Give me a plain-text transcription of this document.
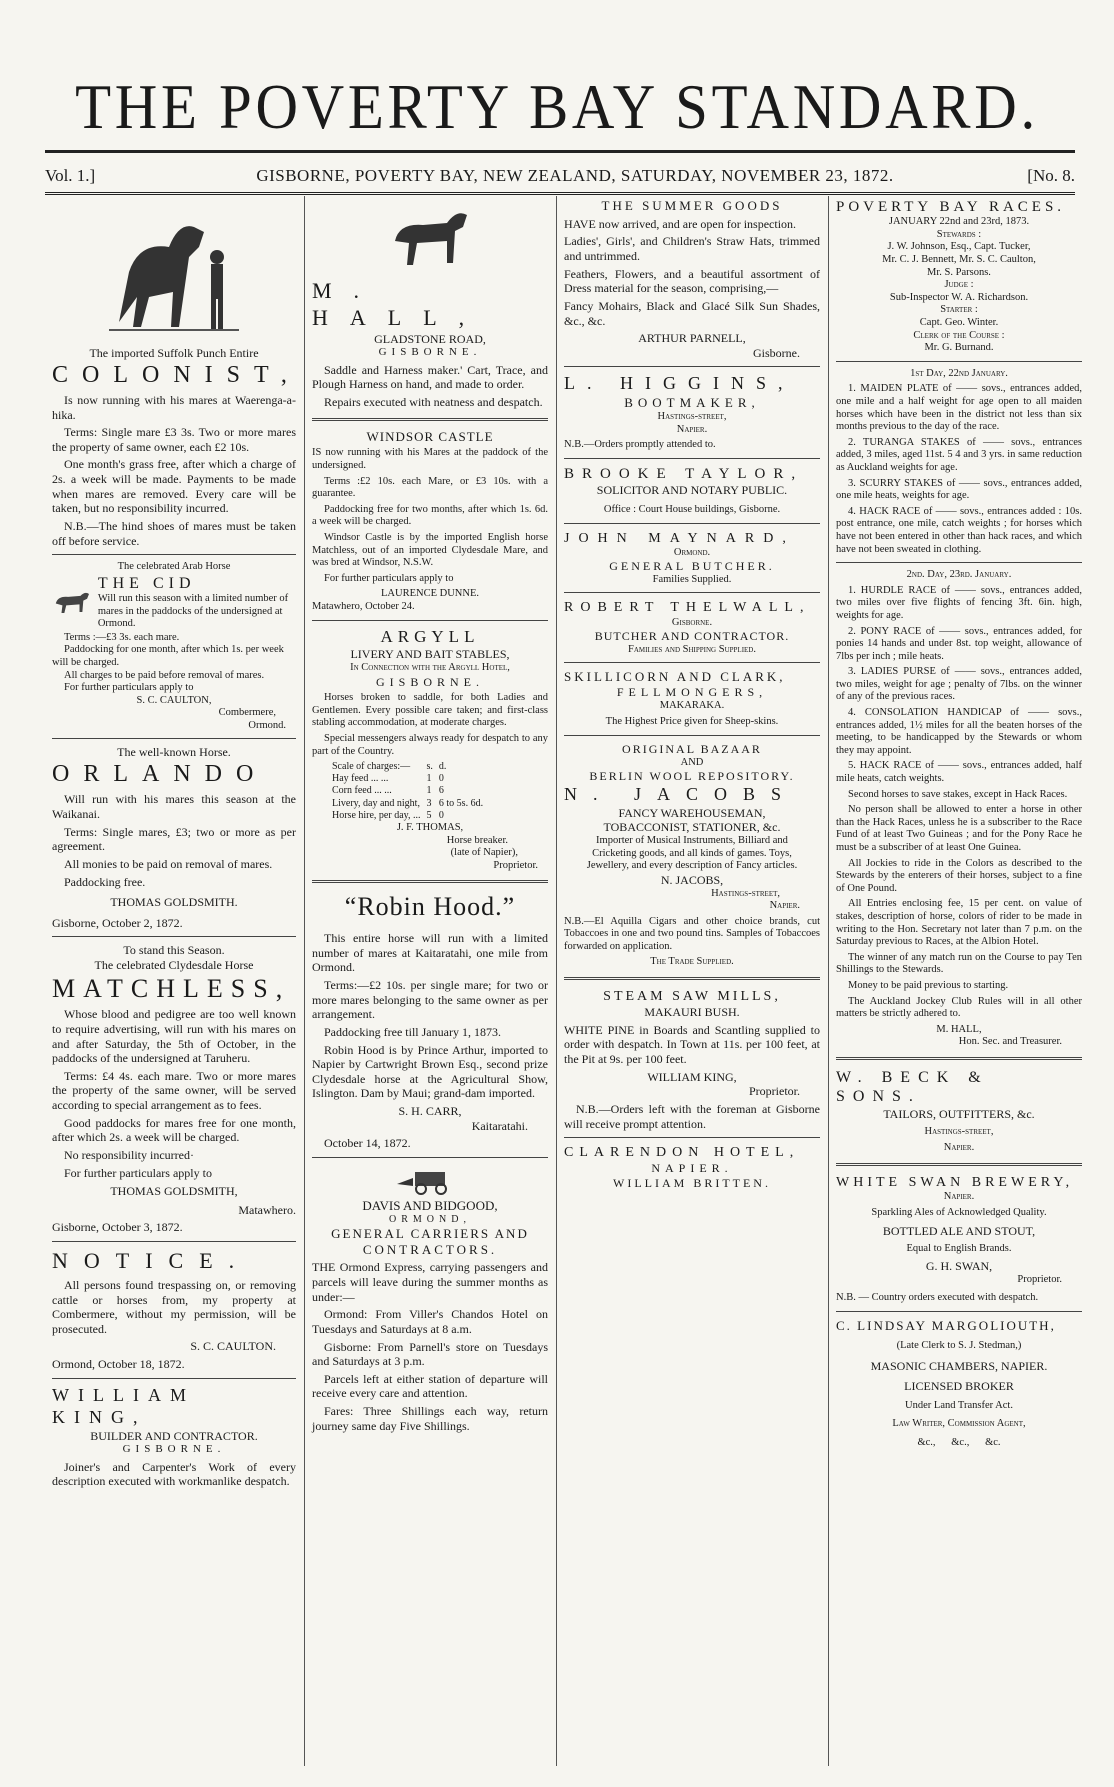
THE POVERTY BAY STANDARD.
Vol. 1.]	GISBORNE, POVERTY BAY, NEW ZEALAND, SATURDAY, NOVEMBER 23, 1872.	[No. 8.
The imported Suffolk Punch Entire
COLONIST,
Is now running with his mares at Waerenga-a-hika.
Terms: Single mare £3 3s. Two or more mares the property of same owner, each £2 10s.
One month's grass free, after which a charge of 2s. a week will be made. Payments to be made when mares are removed. Every care will be taken, but no responsibility incurred.
N.B.—The hind shoes of mares must be taken off before service.
The celebrated Arab Horse
THE CID
Will run this season with a limited number of mares in the paddocks of the undersigned at Ormond.
Terms :—£3 3s. each mare.
Paddocking for one month, after which 1s. per week will be charged.
All charges to be paid before removal of mares.
For further particulars apply to
S. C. CAULTON,
Combermere,
Ormond.
The well-known Horse.
ORLANDO
Will run with his mares this season at the Waikanai.
Terms: Single mares, £3; two or more as per agreement.
All monies to be paid on removal of mares.
Paddocking free.
THOMAS GOLDSMITH.
Gisborne, October 2, 1872.
To stand this Season.
The celebrated Clydesdale Horse
MATCHLESS,
Whose blood and pedigree are too well known to require advertising, will run with his mares on and after Saturday, the 5th of October, in the paddocks of the undersigned at Taruheru.
Terms: £4 4s. each mare. Two or more mares the property of the same owner, will be served according to special arrangement as to fees.
Good paddocks for mares free for one month, after which 2s. a week will be charged.
No responsibility incurred·
For further particulars apply to
THOMAS GOLDSMITH,
Matawhero.
Gisborne, October 3, 1872.
NOTICE.
All persons found trespassing on, or removing cattle or horses from, my property at Combermere, without my permission, will be prosecuted.
S. C. CAULTON.
Ormond, October 18, 1872.
WILLIAM KING,
BUILDER AND CONTRACTOR.
GISBORNE.
Joiner's and Carpenter's Work of every description executed with workmanlike despatch.
M. HALL,
GLADSTONE ROAD,
GISBORNE.
Saddle and Harness maker.' Cart, Trace, and Plough Harness on hand, and made to order.
Repairs executed with neatness and despatch.
WINDSOR CASTLE
IS now running with his Mares at the paddock of the undersigned.
Terms :£2 10s. each Mare, or £3 10s. with a guarantee.
Paddocking free for two months, after which 1s. 6d. a week will be charged.
Windsor Castle is by the imported English horse Matchless, out of an imported Clydesdale Mare, and was bred at Windsor, N.S.W.
For further particulars apply to
LAURENCE DUNNE.
Matawhero, October 24.
ARGYLL
LIVERY AND BAIT STABLES,
In Connection with the Argyll Hotel,
GISBORNE.
Horses broken to saddle, for both Ladies and Gentlemen. Every possible care taken; and first-class stabling accommodation, at moderate charges.
Special messengers always ready for despatch to any part of the Country.
Scale of charges:—	s.	d.
Hay feed ... ...	1	0
Corn feed ... ...	1	6
Livery, day and night,	3	6 to 5s. 6d.
Horse hire, per day, ...	5	0
J. F. THOMAS,
Horse breaker.
(late of Napier),
Proprietor.
“Robin Hood.”
This entire horse will run with a limited number of mares at Kaitaratahi, one mile from Ormond.
Terms:—£2 10s. per single mare; for two or more mares belonging to the same owner as per arrangement.
Paddocking free till January 1, 1873.
Robin Hood is by Prince Arthur, imported to Napier by Cartwright Brown Esq., second prize Clydesdale horse at the Agricultural Show, Islington. Dam by Maui; grand-dam imported.
S. H. CARR,
Kaitaratahi.
October 14, 1872.
DAVIS AND BIDGOOD,
ORMOND,
GENERAL CARRIERS AND
CONTRACTORS.
THE Ormond Express, carrying passengers and parcels will leave during the summer months as under:—
Ormond: From Viller's Chandos Hotel on Tuesdays and Saturdays at 8 a.m.
Gisborne: From Parnell's store on Tuesdays and Saturdays at 3 p.m.
Parcels left at either station of departure will receive every care and attention.
Fares: Three Shillings each way, return journey same day Five Shillings.
THE SUMMER GOODS
HAVE now arrived, and are open for inspection.
Ladies', Girls', and Children's Straw Hats, trimmed and untrimmed.
Feathers, Flowers, and a beautiful assortment of Dress material for the season, comprising,—
Fancy Mohairs, Black and Glacé Silk Sun Shades, &c., &c.
ARTHUR PARNELL,
Gisborne.
L. HIGGINS,
BOOTMAKER,
Hastings-street,
Napier.
N.B.—Orders promptly attended to.
BROOKE TAYLOR,
SOLICITOR AND NOTARY PUBLIC.
Office : Court House buildings, Gisborne.
JOHN MAYNARD,
Ormond.
GENERAL BUTCHER.
Families Supplied.
ROBERT THELWALL,
Gisborne.
BUTCHER AND CONTRACTOR.
Families and Shipping Supplied.
SKILLICORN AND CLARK,
FELLMONGERS,
MAKARAKA.
The Highest Price given for Sheep-skins.
ORIGINAL BAZAAR
AND
BERLIN WOOL REPOSITORY.
N. JACOBS
FANCY WAREHOUSEMAN,
TOBACCONIST, STATIONER, &c.
Importer of Musical Instruments, Billiard and Cricketing goods, and all kinds of games. Toys, Jewellery, and every description of Fancy articles.
N. JACOBS,
Hastings-street,
Napier.
N.B.—El Aquilla Cigars and other choice brands, cut Tobaccoes in one and two pound tins. Samples of Tobaccoes forwarded on application.
The Trade Supplied.
STEAM SAW MILLS,
MAKAURI BUSH.
WHITE PINE in Boards and Scantling supplied to order with despatch. In Town at 11s. per 100 feet, at the Pit at 9s. per 100 feet.
WILLIAM KING,
Proprietor.
N.B.—Orders left with the foreman at Gisborne will receive prompt attention.
CLARENDON HOTEL,
NAPIER.
WILLIAM BRITTEN.
POVERTY BAY RACES.
JANUARY 22nd and 23rd, 1873.
Stewards :
J. W. Johnson, Esq., Capt. Tucker,
Mr. C. J. Bennett, Mr. S. C. Caulton,
Mr. S. Parsons.
Judge :
Sub-Inspector W. A. Richardson.
Starter :
Capt. Geo. Winter.
Clerk of the Course :
Mr. G. Burnand.
1st Day, 22nd January.
1. MAIDEN PLATE of —— sovs., entrances added, one mile and a half weight for age open to all maiden horses which have been in the district not less than six months previous to the day of the race.
2. TURANGA STAKES of —— sovs., entrances added, 3 miles, aged 11st. 5 4 and 3 yrs. in same reduction as Auckland weights for age.
3. SCURRY STAKES of —— sovs., entrances added, one mile heats, weights for age.
4. HACK RACE of —— sovs., entrances added : 10s. post entrance, one mile, catch weights ; for horses which have not been entered in other than hack races, and which have not been sweated in clothing.
2nd. Day, 23rd. January.
1. HURDLE RACE of —— sovs., entrances added, two miles over five flights of fencing 3ft. 6in. high, weights for age.
2. PONY RACE of —— sovs., entrances added, for ponies 14 hands and under 8st. top weight, allowance of 7lbs per inch ; mile heats.
3. LADIES PURSE of —— sovs., entrances added, two miles, weight for age ; penalty of 7lbs. on the winner of any of the previous races.
4. CONSOLATION HANDICAP of —— sovs., entrances added, 1½ miles for all the beaten horses of the meeting, to be handicapped by the Stewards or whom they may appoint.
5. HACK RACE of —— sovs., entrances added, half mile heats, catch weights.
Second horses to save stakes, except in Hack Races.
No person shall be allowed to enter a horse in other than the Hack Races, unless he is a subscriber to the Race Fund of at least Two Guineas ; and for the Pony Race he must be a subscriber of at least One Guinea.
All Jockies to ride in the Colors as described to the Stewards by the enterers of their horses, subject to a fine of One Pound.
All Entries enclosing fee, 15 per cent. on value of stakes, description of horse, colors of rider to be made in writing to the Hon. Secretary not later than 7 p.m. on the Saturday previous to Races, at the Albion Hotel.
The winner of any match run on the Course to pay Ten Shillings to the Stewards.
Money to be paid previous to starting.
The Auckland Jockey Club Rules will in all other matters be strictly adhered to.
M. HALL,
Hon. Sec. and Treasurer.
W. BECK & SONS.
TAILORS, OUTFITTERS, &c.
Hastings-street,
Napier.
WHITE SWAN BREWERY,
Napier.
Sparkling Ales of Acknowledged Quality.
BOTTLED ALE AND STOUT,
Equal to English Brands.
G. H. SWAN,
Proprietor.
N.B. — Country orders executed with despatch.
C. LINDSAY MARGOLIOUTH,
(Late Clerk to S. J. Stedman,)
MASONIC CHAMBERS, NAPIER.
LICENSED BROKER
Under Land Transfer Act.
Law Writer, Commission Agent,
&c.,      &c.,      &c.
